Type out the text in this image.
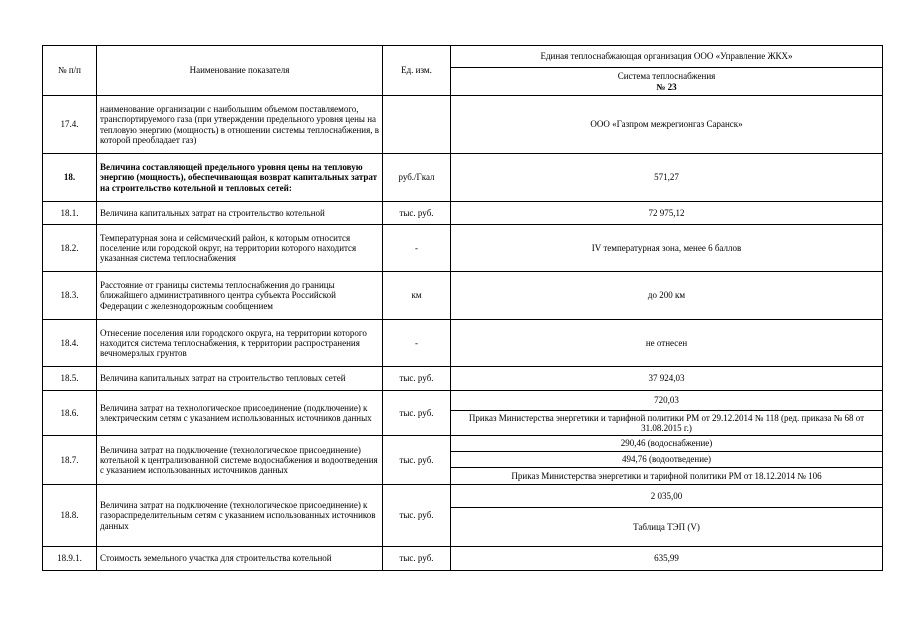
№ п/п	Наименование показателя	Ед. изм.	Единая теплоснабжающая организация ООО «Управление ЖКХ»
			Система теплоснабжения
№ 23

17.4.	наименование организации с наибольшим объемом поставляемого, транспортируемого газа (при утверждении предельного уровня цены на тепловую энергию (мощность) в отношении системы теплоснабжения, в которой преобладает газ)		ООО «Газпром межрегионгаз Саранск»
18.	Величина составляющей предельного уровня цены на тепловую энергию (мощность), обеспечивающая возврат капитальных затрат на строительство котельной и тепловых сетей:	руб./Гкал	571,27
18.1.	Величина капитальных затрат на строительство котельной	тыс. руб.	72 975,12
18.2.	Температурная зона и сейсмический район, к которым относится поселение или городской округ, на территории которого находится указанная система теплоснабжения	-	IV температурная зона, менее 6 баллов
18.3.	Расстояние от границы системы теплоснабжения до границы ближайшего административного центра субъекта Российской Федерации с железнодорожным сообщением	км	до 200 км
18.4.	Отнесение поселения или городского округа, на территории которого находится система теплоснабжения, к территории распространения вечномерзлых грунтов	-	не отнесен
18.5.	Величина капитальных затрат на строительство тепловых сетей	тыс. руб.	37 924,03
18.6.	Величина затрат на технологическое присоединение (подключение) к электрическим сетям с указанием использованных источников данных	тыс. руб.	720,03
			Приказ Министерства энергетики и тарифной политики РМ от 29.12.2014 № 118 (ред. приказа № 68 от 31.08.2015 г.)
18.7.	Величина затрат на подключение (технологическое присоединение) котельной к централизованной системе водоснабжения и водоотведения с указанием использованных источников данных	тыс. руб.	290,46 (водоснабжение)
			494,76 (водоотведение)
			Приказ Министерства энергетики и тарифной политики РМ от 18.12.2014 № 106
18.8.	Величина затрат на подключение (технологическое присоединение) к газораспределительным сетям с указанием использованных источников данных	тыс. руб.	2 035,00
			Таблица ТЭП (V)
18.9.1.	Стоимость земельного участка для строительства котельной	тыс. руб.	635,99
